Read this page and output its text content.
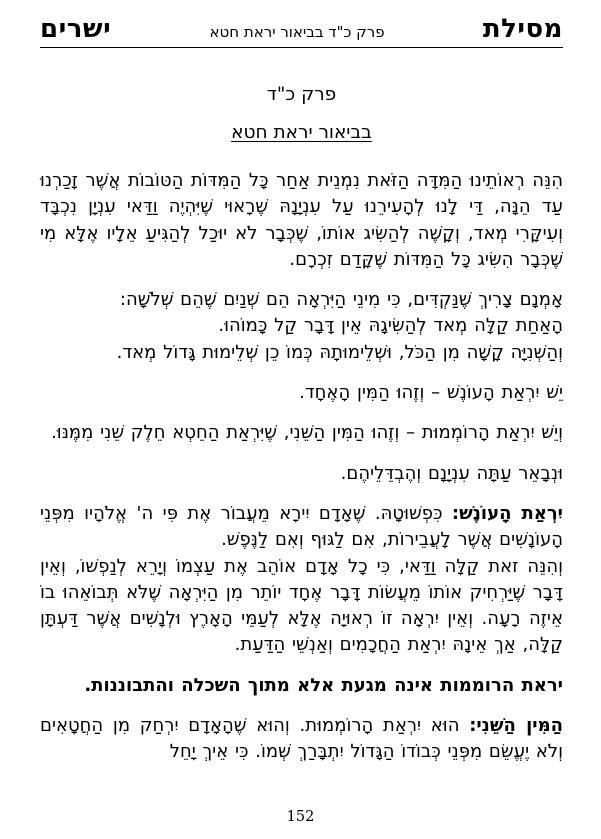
מסילת
פרק כ"ד בביאור יראת חטא
ישרים
פרק כ"ד
בביאור יראת חטא

הִנֵּה רְאוֹתֵינוּ הַמִּדָּה הַזֹּאת נִמְנֵית אַחַר כָּל הַמִּדּוֹת הַטּוֹבוֹת אֲשֶׁר זָכַרְנוּ עַד הֵנָּה, דַּי לָנוּ לְהָעִירֵנוּ עַל עִנְיָנָהּ שֶׁרָאוּי שֶׁיִּהְיֶה וַדַּאי עִנְיָן נִכְבָּד וְעִיקָּרִי מְאד, וְקָשֶׁה לְהַשִּׂיג אוֹתוֹ, שֶׁכְּבָר לֹא יוּכַל לְהַגִּיעַ אֵלָיו אֶלָּא מִי שֶׁכְּבָר הִשִּׂיג כָּל הַמִּדּוֹת שֶׁקָּדַם זִכְרָם.

אָמְנָם צָרִיךְ שֶׁנַּקְדִּים, כִּי מִינֵי הַיִּרְאָה הֵם שְׁנַיִם שֶׁהֵם שְׁלֹשָׁה:
הָאַחַת קַלָּה מְאד לְהַשִּׂיגָהּ אֵין דָּבָר קַל כָּמוֹהוּ.
וְהַשְּׁנִיָּה קָשָׁה מִן הַכֹּל, וּשְׁלֵימוּתָהּ כְּמוֹ כֵן שְׁלֵימוּת גָּדוֹל מְאד.

יֵשׁ יִרְאַת הָעוֹנֶשׁ – וְזֶהוּ הַמִּין הָאֶחָד.

וְיֵשׁ יִרְאַת הָרוֹמְמוּת – וְזֶהוּ הַמִּין הַשֵּׁנִי, שֶׁיִּרְאַת הַחֵטְא חֵלֶק שֵׁנִי מִמֶּנּוּ.

וּנְבָאֵר עַתָּה עִנְיָנָם וְהֶבְדֵּלֵיהֶם.

יִרְאַת הָעוֹנֶשׁ: כִּפְשׁוּטָהּ. שֶׁאָדָם יִירָא מֵעֲבוֹר אֶת פִּי ה' אֱלֹהָיו מִפְּנֵי הָעוֹנָשִׁים אֲשֶׁר לָעֲבֵירוֹת, אִם לַגּוּף וְאִם לַנֶּפֶשׁ.
וְהִנֵּה זאת קַלָּה וַדַּאי, כִּי כָל אָדָם אוֹהֵב אֶת עַצְמוֹ וְיָרֵא לְנַפְשׁוֹ, וְאֵין דָּבָר שֶׁיַּרְחִיק אוֹתוֹ מֵעֲשׂוֹת דָּבָר אֶחָד יוֹתֵר מִן הַיִּרְאָה שֶׁלֹּא תְּבוֹאֵהוּ בוֹ אֵיזֶה רָעָה. וְאֵין יִרְאָה זוֹ רְאוּיָה אֶלָּא לְעַמֵּי הָאָרֶץ וּלְנָשִׁים אֲשֶׁר דַּעְתָּן קַלָּה, אַךְ אֵינָהּ יִרְאַת הַחֲכָמִים וְאַנְשֵׁי הַדַּעַת.

יראת הרוממות אינה מגעת אלא מתוך השכלה והתבוננות.

הַמִּין הַשֵּׁנִי: הוּא יִרְאַת הָרוֹמְמוּת. וְהוּא שֶׁהָאָדָם יִרְחַק מִן הַחֲטָאִים וְלֹא יֶעֱשֵׂם מִפְּנֵי כְּבוֹדוֹ הַגָּדוֹל יִתְבָּרַךְ שְׁמוֹ. כִּי אֵיךְ יָחֵל

152
